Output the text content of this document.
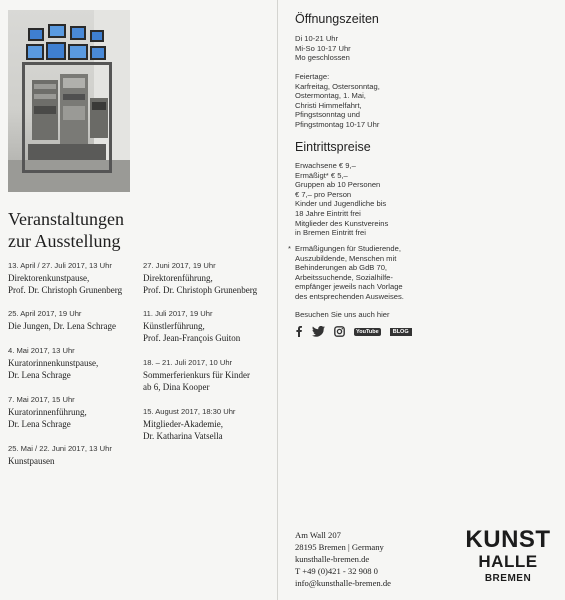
Veranstaltungen
zur Ausstellung
13. April / 27. Juli 2017, 13 Uhr
Direktorenkunstpause,
Prof. Dr. Christoph Grunenberg
25. April 2017, 19 Uhr
Die Jungen, Dr. Lena Schrage
4. Mai 2017, 13 Uhr
Kuratorinnenkunstpause,
Dr. Lena Schrage
7. Mai 2017, 15 Uhr
Kuratorinnenführung,
Dr. Lena Schrage
25. Mai / 22. Juni 2017, 13 Uhr
Kunstpausen
27. Juni 2017, 19 Uhr
Direktorenführung,
Prof. Dr. Christoph Grunenberg
11. Juli 2017, 19 Uhr
Künstlerführung,
Prof. Jean-François Guiton
18. – 21. Juli 2017, 10 Uhr
Sommerferienkurs für Kinder
ab 6, Dina Kooper
15. August 2017, 18:30 Uhr
Mitglieder-Akademie,
Dr. Katharina Vatsella
Öffnungszeiten
Di 10-21 Uhr
Mi-So 10-17 Uhr
Mo geschlossen
Feiertage:
Karfreitag, Ostersonntag,
Ostermontag, 1. Mai,
Christi Himmelfahrt,
Pfingstsonntag und
Pfingstmontag 10-17 Uhr
Eintrittspreise
Erwachsene € 9,–
Ermäßigt* € 5,–
Gruppen ab 10 Personen
€ 7,– pro Person
Kinder und Jugendliche bis
18 Jahre Eintritt frei
Mitglieder des Kunstvereins
in Bremen Eintritt frei
* Ermäßigungen für Studierende,
Auszubildende, Menschen mit
Behinderungen ab GdB 70,
Arbeitssuchende, Sozialhilfe-
empfänger jeweils nach Vorlage
des entsprechenden Ausweises.
Besuchen Sie uns auch hier
YouTube	BLOG
Am Wall 207
28195 Bremen | Germany
kunsthalle-bremen.de
T +49 (0)421 - 32 908 0
info@kunsthalle-bremen.de
KUNST
HALLE
BREMEN
